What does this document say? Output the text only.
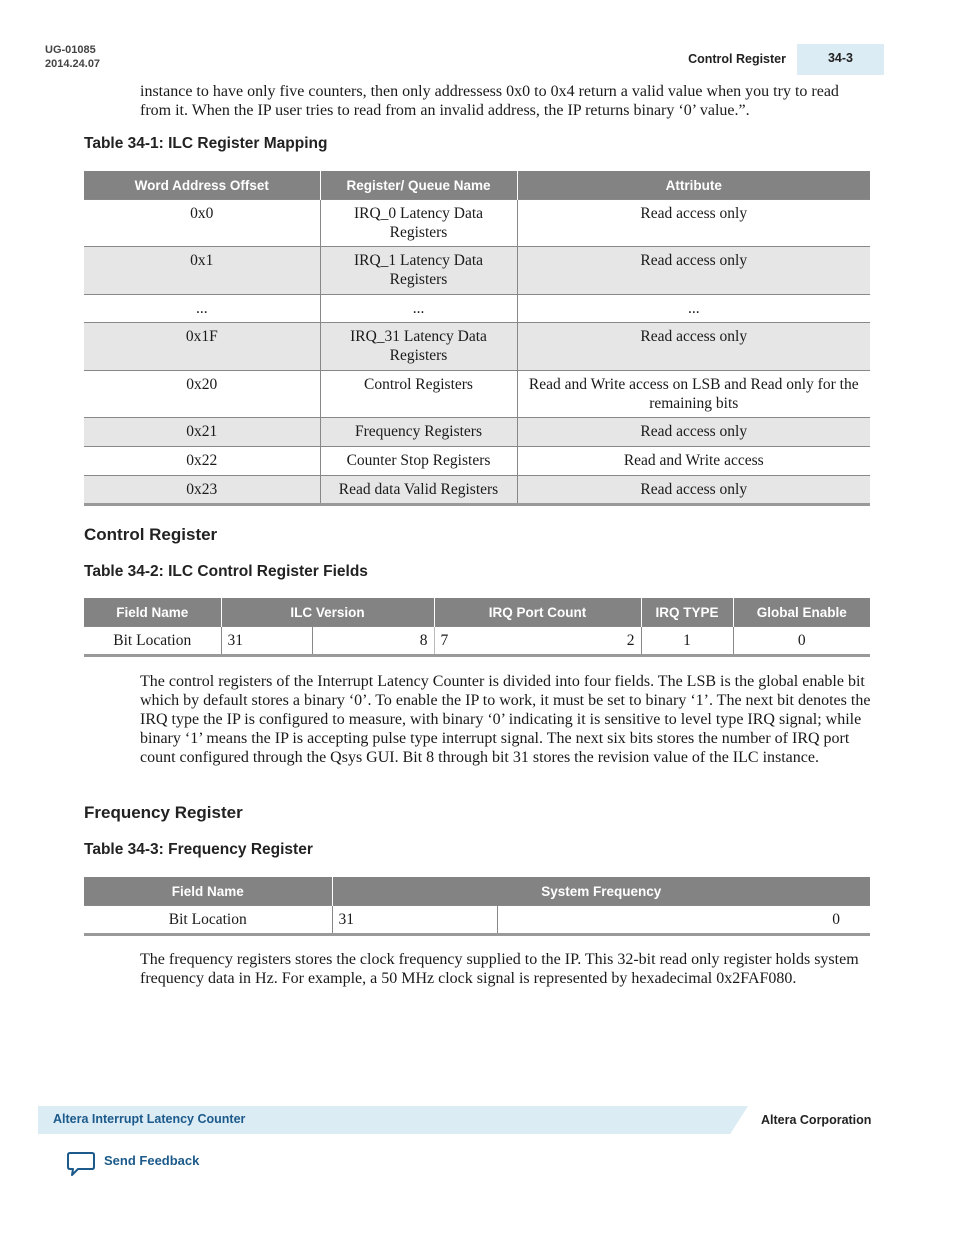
UG-01085
2014.24.07	Control Register	34-3

instance to have only five counters, then only addressess 0x0 to 0x4 return a valid value when you try to read from it. When the IP user tries to read from an invalid address, the IP returns binary ‘0’ value.”.

Table 34-1: ILC Register Mapping
Word Address Offset	Register/ Queue Name	Attribute
0x0	IRQ_0 Latency Data Registers	Read access only
0x1	IRQ_1 Latency Data Registers	Read access only
...	...	...
0x1F	IRQ_31 Latency Data Registers	Read access only
0x20	Control Registers	Read and Write access on LSB and Read only for the remaining bits
0x21	Frequency Registers	Read access only
0x22	Counter Stop Registers	Read and Write access
0x23	Read data Valid Registers	Read access only
Control Register
Table 34-2: ILC Control Register Fields
Field Name	ILC Version		IRQ Port Count		IRQ TYPE	Global Enable
Bit Location	31	8	7	2	1	0

The control registers of the Interrupt Latency Counter is divided into four fields. The LSB is the global enable bit which by default stores a binary ‘0’. To enable the IP to work, it must be set to binary ‘1’. The next bit denotes the IRQ type the IP is configured to measure, with binary ‘0’ indicating it is sensitive to level type IRQ signal; while binary ‘1’ means the IP is accepting pulse type interrupt signal. The next six bits stores the number of IRQ port count configured through the Qsys GUI. Bit 8 through bit 31 stores the revision value of the ILC instance.

Frequency Register
Table 34-3: Frequency Register
Field Name	System Frequency	
Bit Location	31	0

The frequency registers stores the clock frequency supplied to the IP. This 32-bit read only register holds system frequency data in Hz. For example, a 50 MHz clock signal is represented by hexadecimal 0x2FAF080.

Altera Interrupt Latency Counter	Altera Corporation
Send Feedback
